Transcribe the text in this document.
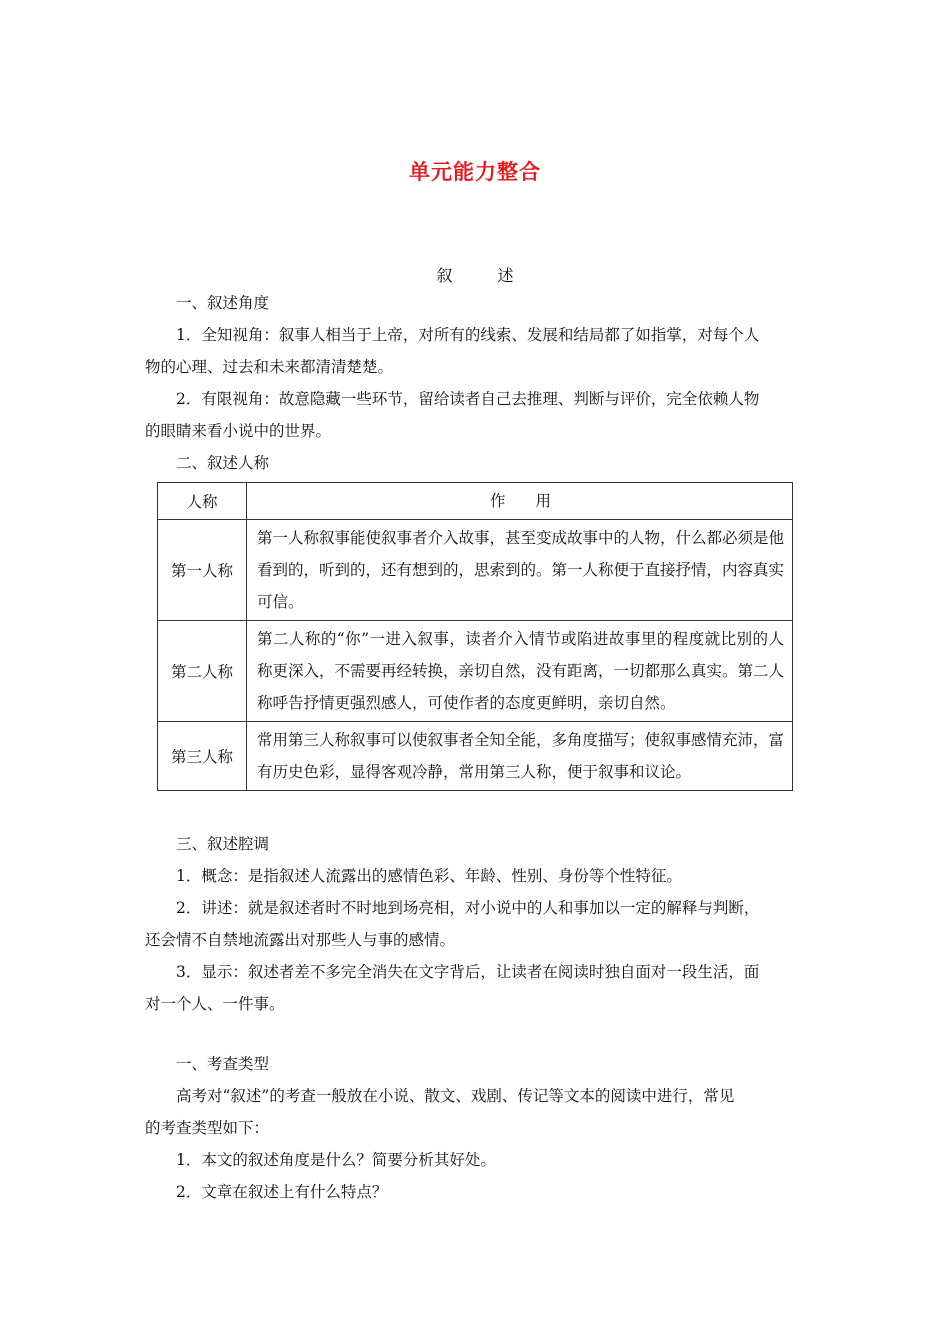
单元能力整合
叙 述
一、叙述角度
1．全知视角：叙事人相当于上帝，对所有的线索、发展和结局都了如指掌，对每个人
物的心理、过去和未来都清清楚楚。
2．有限视角：故意隐藏一些环节，留给读者自己去推理、判断与评价，完全依赖人物
的眼睛来看小说中的世界。
二、叙述人称
人称	作用
第一人称	第一人称叙事能使叙事者介入故事，甚至变成故事中的人物，什么都必须是他看到的，听到的，还有想到的，思索到的。第一人称便于直接抒情，内容真实可信。
第二人称	第二人称的“你”一进入叙事，读者介入情节或陷进故事里的程度就比别的人称更深入，不需要再经转换，亲切自然，没有距离，一切都那么真实。第二人称呼告抒情更强烈感人，可使作者的态度更鲜明，亲切自然。
第三人称	常用第三人称叙事可以使叙事者全知全能，多角度描写；使叙事感情充沛，富有历史色彩，显得客观冷静，常用第三人称，便于叙事和议论。
三、叙述腔调
1．概念：是指叙述人流露出的感情色彩、年龄、性别、身份等个性特征。
2．讲述：就是叙述者时不时地到场亮相，对小说中的人和事加以一定的解释与判断，
还会情不自禁地流露出对那些人与事的感情。
3．显示：叙述者差不多完全消失在文字背后，让读者在阅读时独自面对一段生活，面
对一个人、一件事。
一、考查类型
高考对“叙述”的考查一般放在小说、散文、戏剧、传记等文本的阅读中进行，常见
的考查类型如下：
1．本文的叙述角度是什么？简要分析其好处。
2．文章在叙述上有什么特点？
